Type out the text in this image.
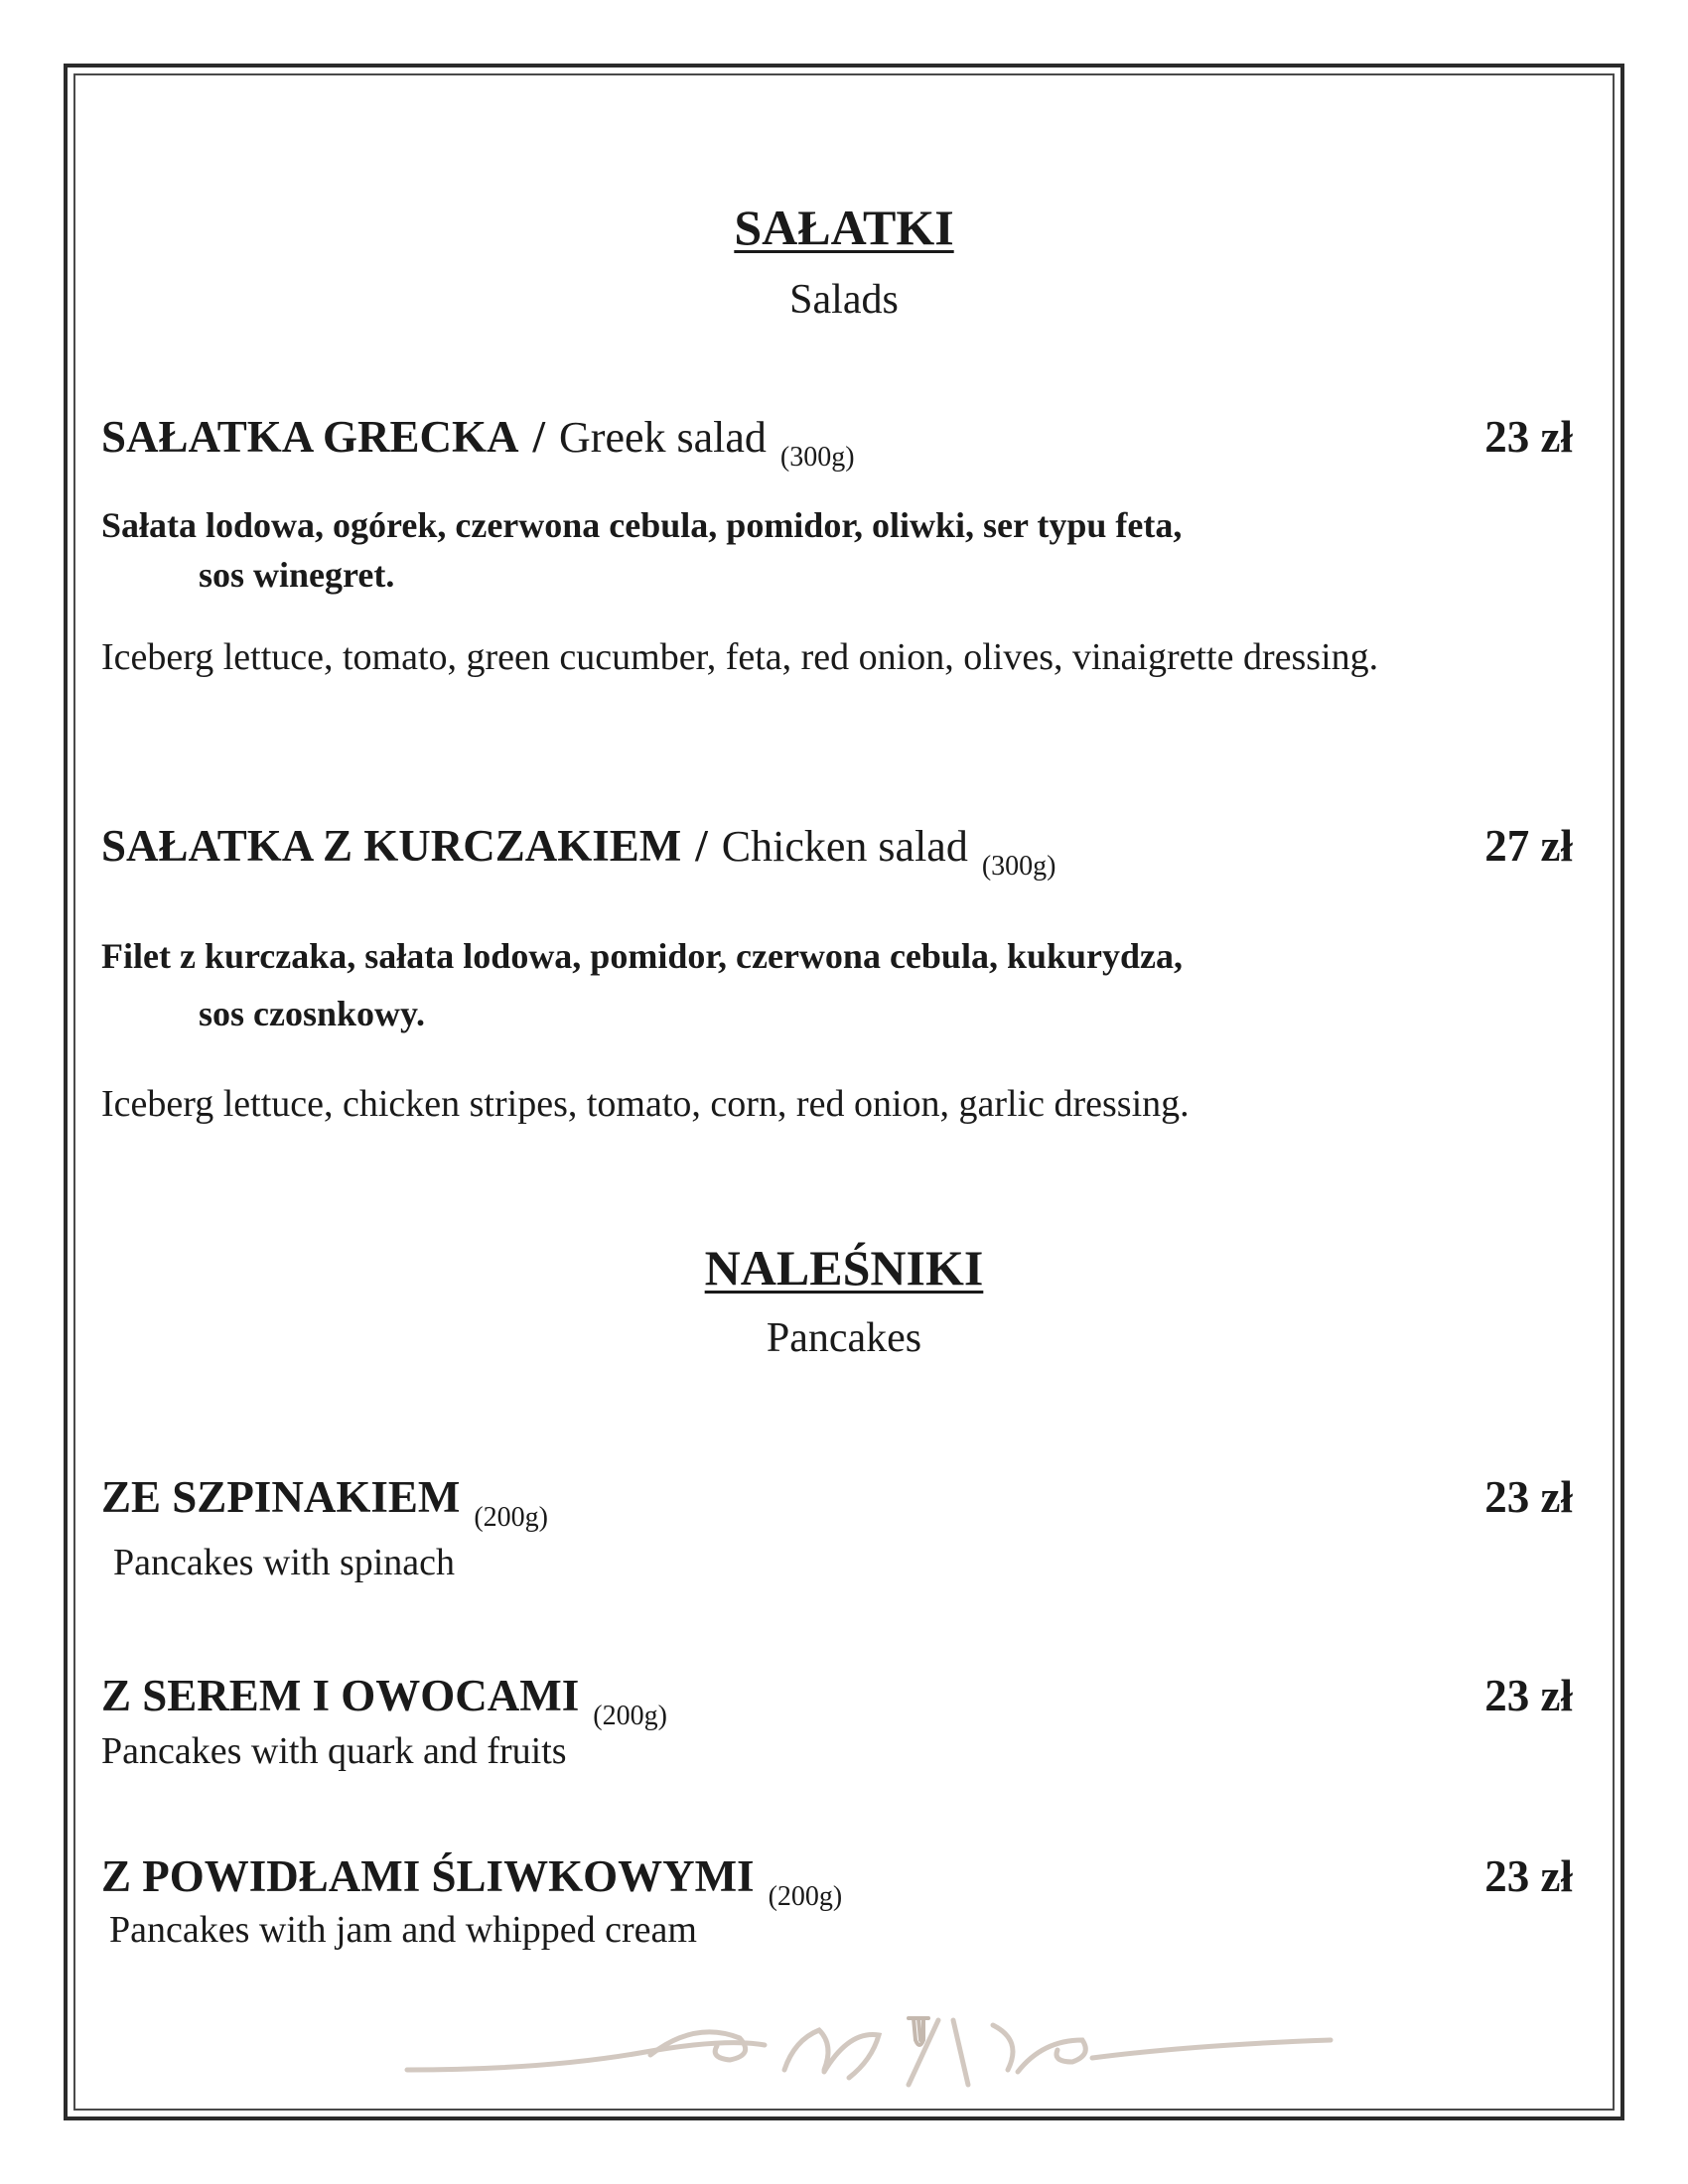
SAŁATKI
Salads
SAŁATKA GRECKA / Greek salad (300g)	23 zł
Sałata lodowa, ogórek, czerwona cebula, pomidor, oliwki, ser typu feta,
sos winegret.
Iceberg lettuce, tomato, green cucumber, feta, red onion, olives, vinaigrette dressing.
SAŁATKA Z KURCZAKIEM / Chicken salad (300g)	27 zł
Filet z kurczaka, sałata lodowa, pomidor, czerwona cebula, kukurydza,
sos czosnkowy.
Iceberg lettuce, chicken stripes, tomato, corn, red onion, garlic dressing.
NALEŚNIKI
Pancakes
ZE SZPINAKIEM (200g)	23 zł
Pancakes with spinach
Z SEREM I OWOCAMI (200g)	23 zł
Pancakes with quark and fruits
Z POWIDŁAMI ŚLIWKOWYMI (200g)	23 zł
Pancakes with jam and whipped cream
